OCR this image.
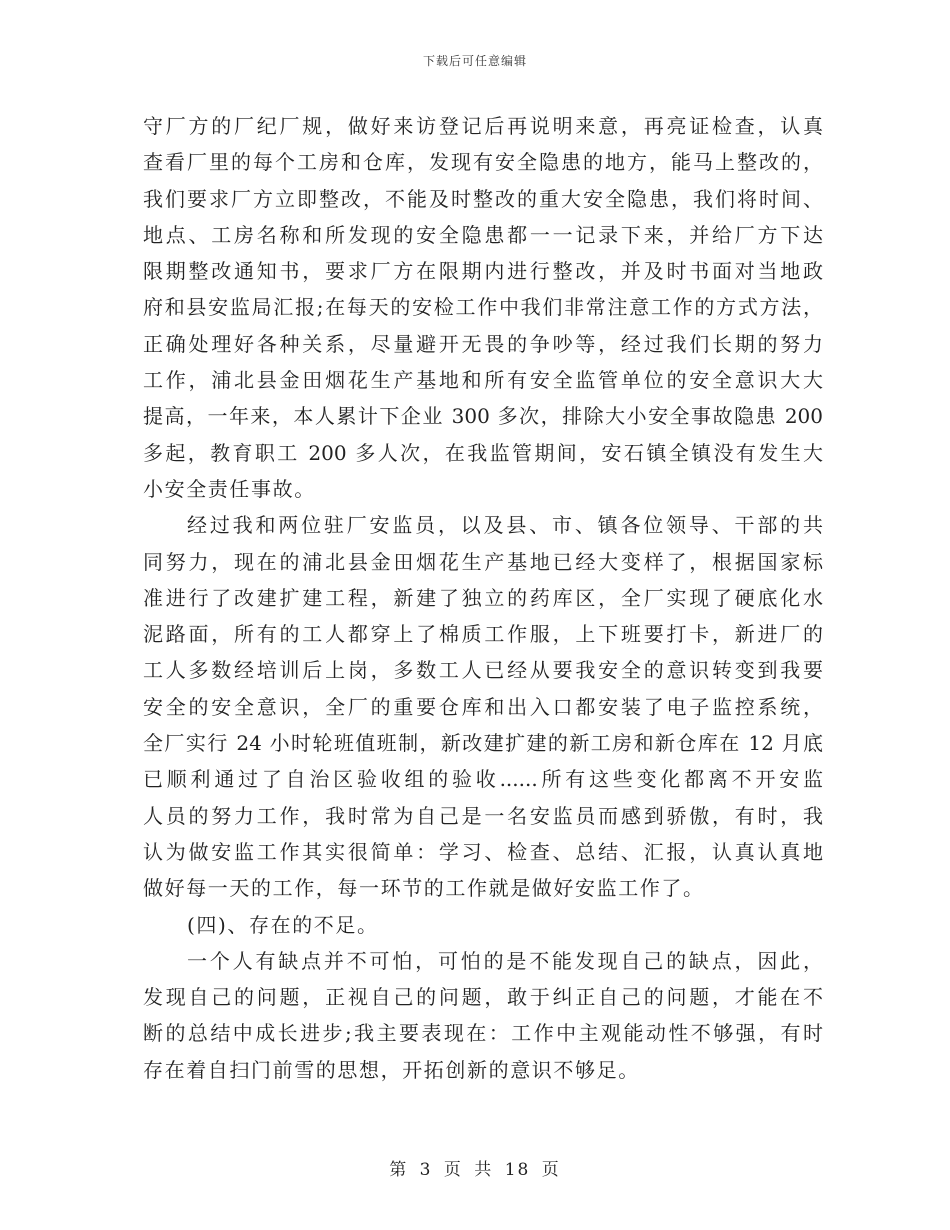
下载后可任意编辑
守厂方的厂纪厂规，做好来访登记后再说明来意，再亮证检查，认真
查看厂里的每个工房和仓库，发现有安全隐患的地方，能马上整改的，
我们要求厂方立即整改，不能及时整改的重大安全隐患，我们将时间、
地点、工房名称和所发现的安全隐患都一一记录下来，并给厂方下达
限期整改通知书，要求厂方在限期内进行整改，并及时书面对当地政
府和县安监局汇报;在每天的安检工作中我们非常注意工作的方式方法，
正确处理好各种关系，尽量避开无畏的争吵等，经过我们长期的努力
工作，浦北县金田烟花生产基地和所有安全监管单位的安全意识大大
提高，一年来，本人累计下企业 300 多次，排除大小安全事故隐患 200
多起，教育职工 200 多人次，在我监管期间，安石镇全镇没有发生大
小安全责任事故。
经过我和两位驻厂安监员，以及县、市、镇各位领导、干部的共
同努力，现在的浦北县金田烟花生产基地已经大变样了，根据国家标
准进行了改建扩建工程，新建了独立的药库区，全厂实现了硬底化水
泥路面，所有的工人都穿上了棉质工作服，上下班要打卡，新进厂的
工人多数经培训后上岗，多数工人已经从要我安全的意识转变到我要
安全的安全意识，全厂的重要仓库和出入口都安装了电子监控系统，
全厂实行 24 小时轮班值班制，新改建扩建的新工房和新仓库在 12 月底
已顺利通过了自治区验收组的验收......所有这些变化都离不开安监
人员的努力工作，我时常为自己是一名安监员而感到骄傲，有时，我
认为做安监工作其实很简单：学习、检查、总结、汇报，认真认真地
做好每一天的工作，每一环节的工作就是做好安监工作了。
(四)、存在的不足。
一个人有缺点并不可怕，可怕的是不能发现自己的缺点，因此，
发现自己的问题，正视自己的问题，敢于纠正自己的问题，才能在不
断的总结中成长进步;我主要表现在：工作中主观能动性不够强，有时
存在着自扫门前雪的思想，开拓创新的意识不够足。
第 3 页 共 18 页
